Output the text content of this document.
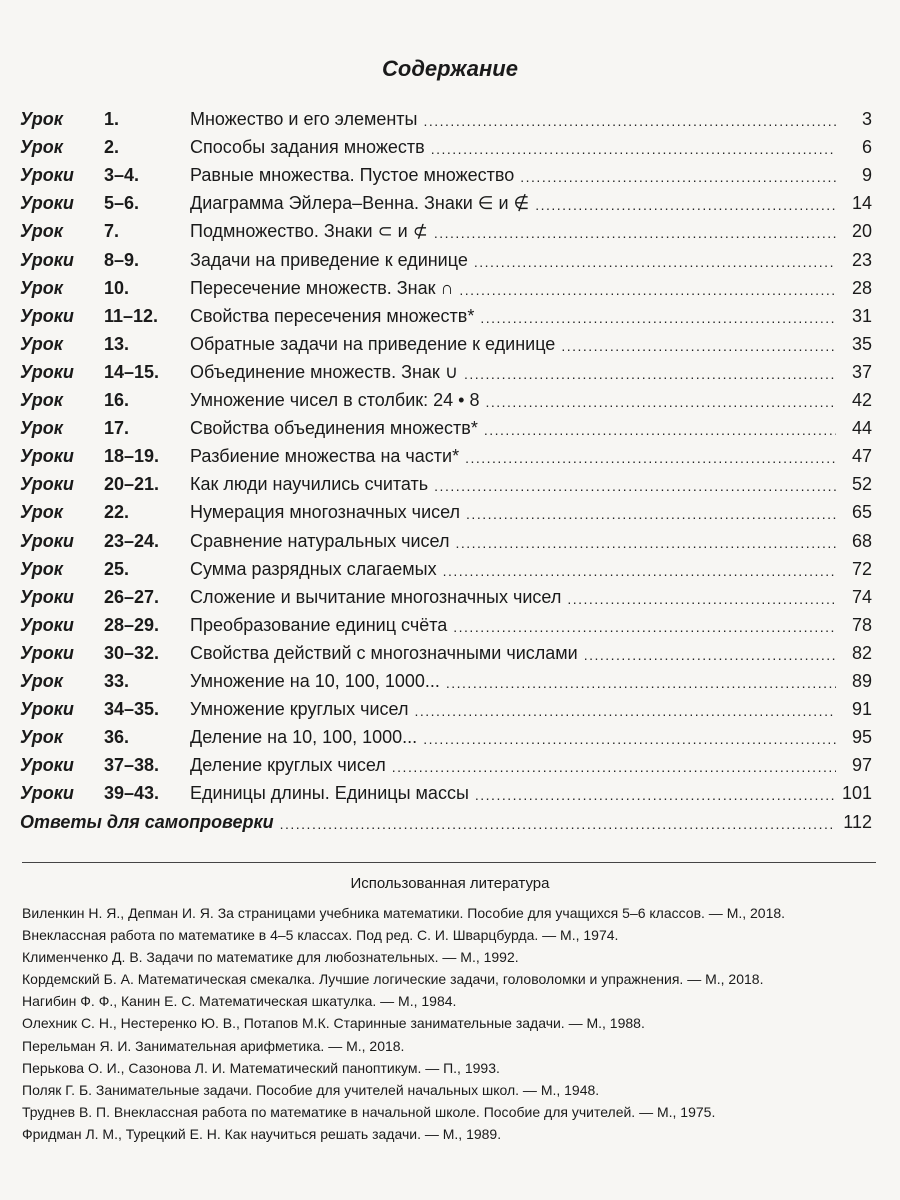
Содержание
Урок	1.	Множество и его элементы .....	3
Урок	2.	Способы задания множеств .....	6
Уроки	3–4.	Равные множества. Пустое множество .....	9
Уроки	5–6.	Диаграмма Эйлера–Венна. Знаки ∈ и ∉ .....	14
Урок	7.	Подмножество. Знаки ⊂ и ⊄ .....	20
Уроки	8–9.	Задачи на приведение к единице .....	23
Урок	10.	Пересечение множеств. Знак ∩ .....	28
Уроки	11–12.	Свойства пересечения множеств* .....	31
Урок	13.	Обратные задачи на приведение к единице .....	35
Уроки	14–15.	Объединение множеств. Знак ∪ .....	37
Урок	16.	Умножение чисел в столбик: 24 • 8 .....	42
Урок	17.	Свойства объединения множеств* .....	44
Уроки	18–19.	Разбиение множества на части* .....	47
Уроки	20–21.	Как люди научились считать .....	52
Урок	22.	Нумерация многозначных чисел .....	65
Уроки	23–24.	Сравнение натуральных чисел .....	68
Урок	25.	Сумма разрядных слагаемых .....	72
Уроки	26–27.	Сложение и вычитание многозначных чисел .....	74
Уроки	28–29.	Преобразование единиц счёта .....	78
Уроки	30–32.	Свойства действий с многозначными числами .....	82
Урок	33.	Умножение на 10, 100, 1000... .....	89
Уроки	34–35.	Умножение круглых чисел .....	91
Урок	36.	Деление на 10, 100, 1000... .....	95
Уроки	37–38.	Деление круглых чисел .....	97
Уроки	39–43.	Единицы длины. Единицы массы .....	101
Ответы для самопроверки .....	112
Использованная литература
Виленкин Н. Я., Депман И. Я. За страницами учебника математики. Пособие для учащихся 5–6 классов. — М., 2018.
Внеклассная работа по математике в 4–5 классах. Под ред. С. И. Шварцбурда. — М., 1974.
Клименченко Д. В. Задачи по математике для любознательных. — М., 1992.
Кордемский Б. А. Математическая смекалка. Лучшие логические задачи, головоломки и упражнения. — М., 2018.
Нагибин Ф. Ф., Канин Е. С. Математическая шкатулка. — М., 1984.
Олехник С. Н., Нестеренко Ю. В., Потапов М.К. Старинные занимательные задачи. — М., 1988.
Перельман Я. И. Занимательная арифметика. — М., 2018.
Перькова О. И., Сазонова Л. И. Математический паноптикум. — П., 1993.
Поляк Г. Б. Занимательные задачи. Пособие для учителей начальных школ. — М., 1948.
Труднев В. П. Внеклассная работа по математике в начальной школе. Пособие для учителей. — М., 1975.
Фридман Л. М., Турецкий Е. Н. Как научиться решать задачи. — М., 1989.
